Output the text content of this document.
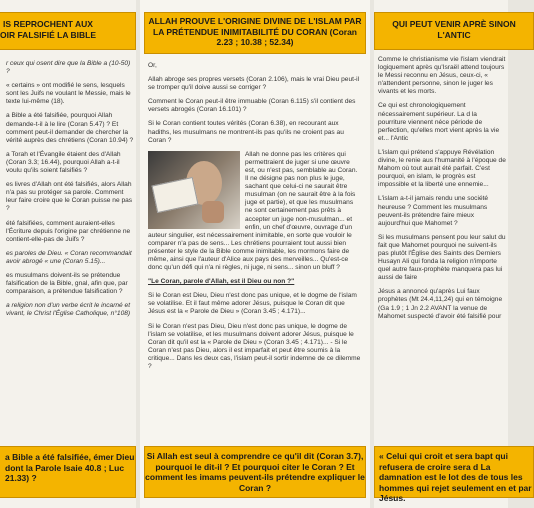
IS REPROCHENT AUX
OIR FALSIFIÉ LA BIBLE

r ceux qui osent dire que la Bible a (10-50) ?

« certains » ont modifié le sens, lesquels sont les Juifs ne voulant le Messie, mais le texte lui-même (18).

a Bible a été falsifiée, pourquoi Allah demande-t-il à le lire (Coran 5.47) ? Et comment peut-il demander de chercher la vérité auprès des chrétiens (Coran 10.94) ?

a Torah et l'Évangile étaient des d'Allah (Coran 3.3; 16.44), pourquoi Allah a-t-il voulu qu'ils soient falsifiés ?

es livres d'Allah ont été falsifiés, alors Allah n'a pas su protéger sa parole. Comment leur faire croire que le Coran puisse ne pas ?

été falsifiées, comment auraient-elles l'Écriture depuis l'origine par chrétienne ne contient-elle-pas de Juifs ?

es paroles de Dieu. « Coran recommandait avoir abrogé « une (Coran 5.15)...

es musulmans doivent-ils se prétendue falsification de la Bible, gnal, afin que, par comparaison, a prétendue falsification ?

a religion non d'un verbe écrit le incarné et vivant, le Christ l'Église Catholique, n°108)

a Bible a été falsifiée, émer Dieu dont la Parole Isaie 40.8 ; Luc 21.33) ?
ALLAH PROUVE L'ORIGINE DIVINE DE L'ISLAM PAR LA PRÉTENDUE INIMITABILITÉ DU CORAN (Coran 2.23 ; 10.38 ; 52.34)

Or,

Allah abroge ses propres versets (Coran 2.106), mais le vrai Dieu peut-il se tromper qu'il doive aussi se corriger ?

Comment le Coran peut-il être immuable (Coran 6.115) s'il contient des versets abrogés (Coran 16.101) ?

Si le Coran contient toutes vérités (Coran 6.38), en recourant aux hadiths, les musulmans ne montrent-ils pas qu'ils ne croient pas au Coran ?

Allah ne donne pas les critères qui permettraient de juger si une œuvre est, ou n'est pas, semblable au Coran. Il ne désigne pas non plus le juge, sachant que celui-ci ne saurait être musulman (on ne saurait être à la fois juge et partie), et que les musulmans ne sont certainement pas prêts à accepter un juge non-musulman... et enfin, un chef d'œuvre, ouvrage d'un auteur singulier, est nécessairement inimitable, en sorte que vouloir le comparer n'a pas de sens... Les chrétiens pourraient tout aussi bien présenter le style de la Bible comme inimitable, les mormons faire de même, ainsi que l'auteur d'Alice aux pays des merveilles... Qu'est-ce donc qu'un défi qui n'a ni règles, ni juge, ni sens... sinon un bluff ?

"Le Coran, parole d'Allah, est il Dieu ou non ?"

Si le Coran est Dieu, Dieu n'est donc pas unique, et le dogme de l'islam se volatilise. Et il faut même adorer Jésus, puisque le Coran dit que Jésus est la « Parole de Dieu » (Coran 3.45 ; 4.171)...

Si le Coran n'est pas Dieu, Dieu n'est donc pas unique, le dogme de l'islam se volatilise, et les musulmans doivent adorer Jésus, puisque le Coran dit qu'il est la « Parole de Dieu » (Coran 3.45 ; 4.171)... - Si le Coran n'est pas Dieu, alors il est imparfait et peut être soumis à la critique... Dans les deux cas, l'islam peut-il sortir indemne de ce dilemme ?

Si Allah est seul à comprendre ce qu'il dit (Coran 3.7), pourquoi le dit-il ? Et pourquoi citer le Coran ? Et comment les imams peuvent-ils prétendre expliquer le Coran ?
QUI PEUT VENIR APRÈ SINON L'ANTIC

Comme le christianisme vie l'islam viendrait logiquement après qu'Israël attend toujours le Messi reconnu en Jésus, ceux-ci, « n'attendent personne, sinon le juger les vivants et les morts.

Ce qui est chronologiquement nécessairement supérieur. La d la pourriture viennent néce période de perfection, qu'elles mort vient après la vie et... l'Antic

L'islam qui prétend s'appuye Révélation divine, le renie aus l'humanité à l'époque de Mahom où tout aurait été parfait. C'est pourquoi, en islam, le progrès est impossible et la liberté une ennemie...

L'islam a-t-il jamais rendu une société heureuse ? Comment les musulmans peuvent-ils prétendre faire mieux aujourd'hui que Mahomet ?

Si les musulmans pensent pou leur salut du fait que Mahomet pourquoi ne suivent-ils pas plutôt l'Église des Saints des Derniers Husayn Ali qui fonda la religion n'importe quel autre faux-prophète manquera pas lui aussi de faire

Jésus a annoncé qu'après Lui faux prophètes (Mt 24.4,11,24) qui en témoigne (Ga 1.9 ; 1 Jn 2.2 AVANT la venue de Mahomet suspecté d'avoir été falsifié pour

« Celui qui croit et sera bapt qui refusera de croire sera d La damnation est le lot des de tous les hommes qui rejet seulement en et par Jésus.
